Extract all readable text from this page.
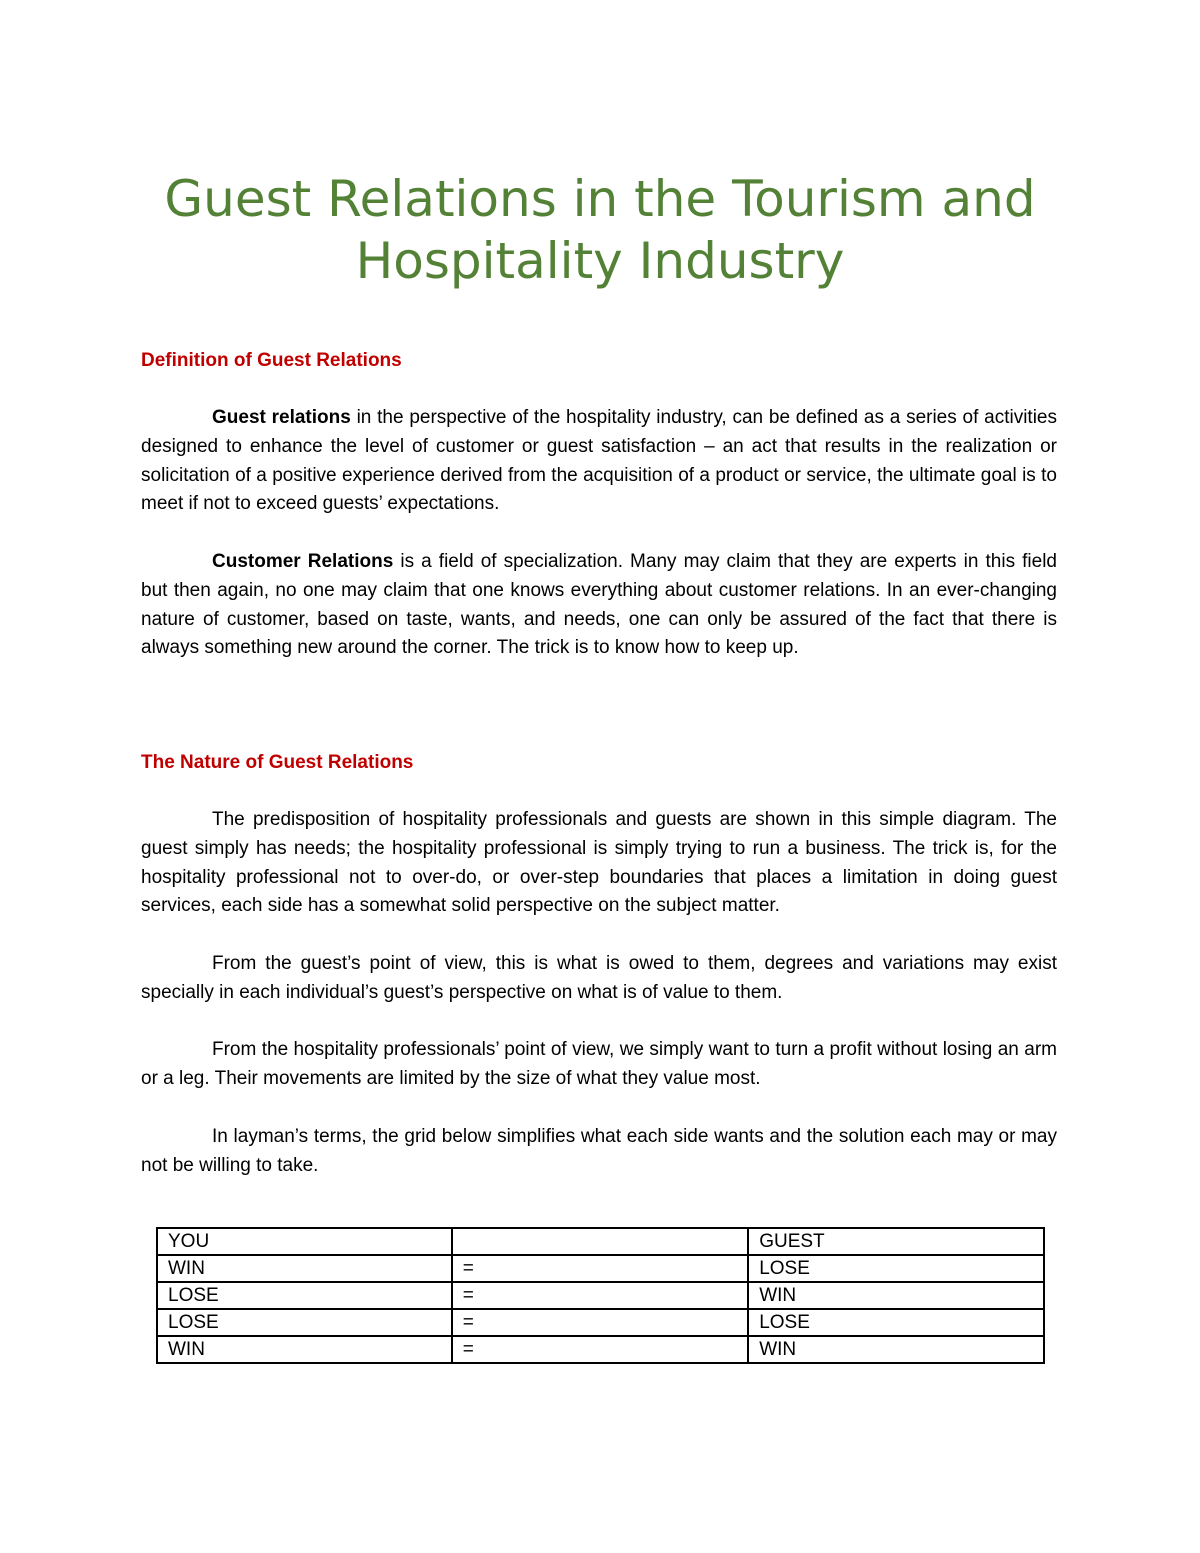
Guest Relations in the Tourism and Hospitality Industry
Definition of Guest Relations

Guest relations in the perspective of the hospitality industry, can be defined as a series of activities designed to enhance the level of customer or guest satisfaction – an act that results in the realization or solicitation of a positive experience derived from the acquisition of a product or service, the ultimate goal is to meet if not to exceed guests’ expectations.

Customer Relations is a field of specialization. Many may claim that they are experts in this field but then again, no one may claim that one knows everything about customer relations. In an ever-changing nature of customer, based on taste, wants, and needs, one can only be assured of the fact that there is always something new around the corner. The trick is to know how to keep up.

The Nature of Guest Relations

The predisposition of hospitality professionals and guests are shown in this simple diagram. The guest simply has needs; the hospitality professional is simply trying to run a business. The trick is, for the hospitality professional not to over-do, or over-step boundaries that places a limitation in doing guest services, each side has a somewhat solid perspective on the subject matter.

From the guest’s point of view, this is what is owed to them, degrees and variations may exist specially in each individual’s guest’s perspective on what is of value to them.

From the hospitality professionals’ point of view, we simply want to turn a profit without losing an arm or a leg. Their movements are limited by the size of what they value most.

In layman’s terms, the grid below simplifies what each side wants and the solution each may or may not be willing to take.

YOU		GUEST
WIN	=	LOSE
LOSE	=	WIN
LOSE	=	LOSE
WIN	=	WIN
